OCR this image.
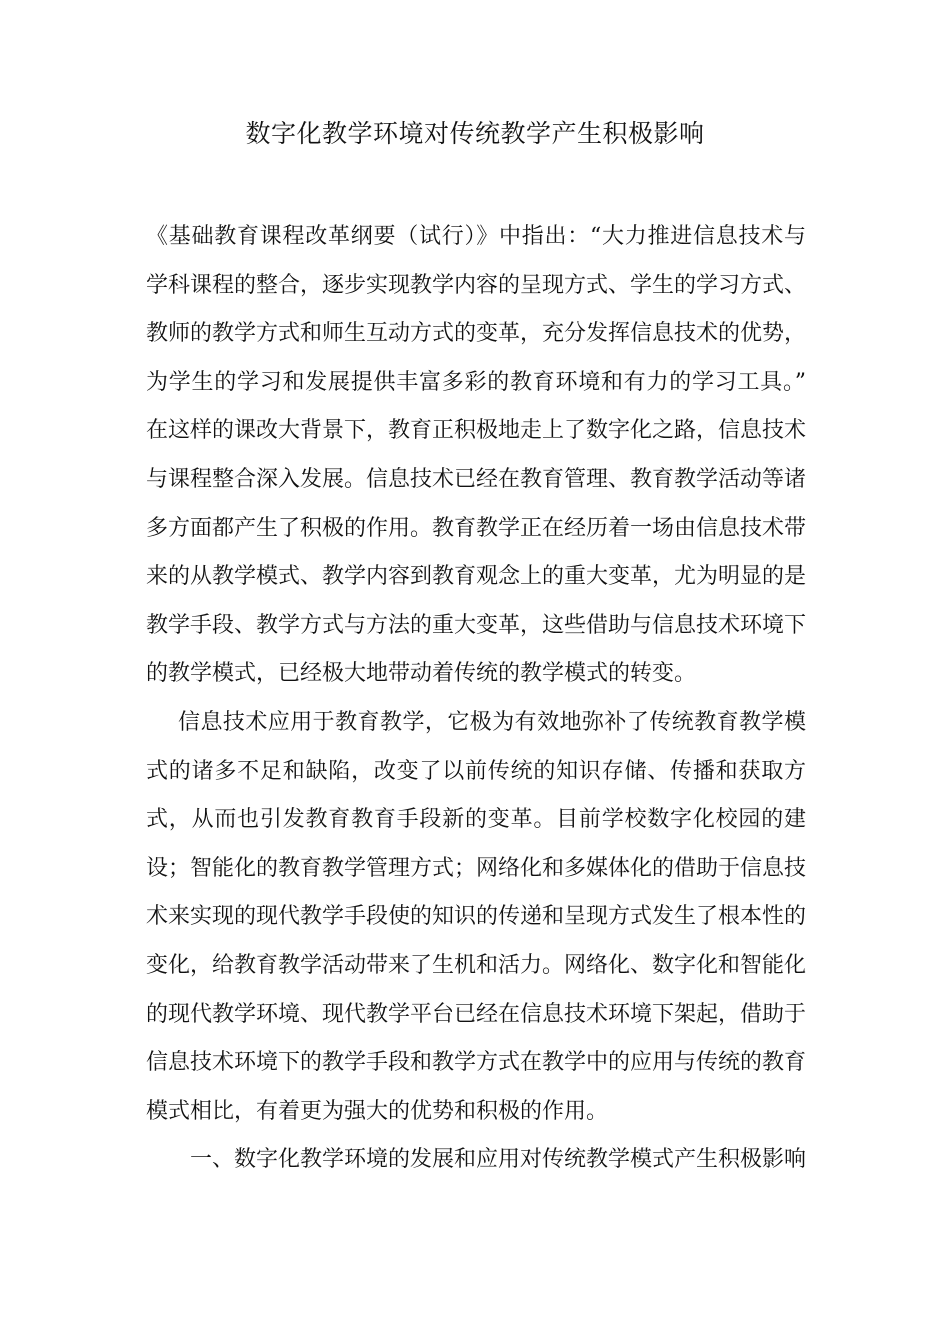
数字化教学环境对传统教学产生积极影响

《基础教育课程改革纲要（试行）》中指出：“大力推进信息技术与学科课程的整合，逐步实现教学内容的呈现方式、学生的学习方式、教师的教学方式和师生互动方式的变革，充分发挥信息技术的优势，为学生的学习和发展提供丰富多彩的教育环境和有力的学习工具。” 在这样的课改大背景下，教育正积极地走上了数字化之路，信息技术与课程整合深入发展。信息技术已经在教育管理、教育教学活动等诸多方面都产生了积极的作用。教育教学正在经历着一场由信息技术带来的从教学模式、教学内容到教育观念上的重大变革，尤为明显的是教学手段、教学方式与方法的重大变革，这些借助与信息技术环境下的教学模式，已经极大地带动着传统的教学模式的转变。

信息技术应用于教育教学，它极为有效地弥补了传统教育教学模式的诸多不足和缺陷，改变了以前传统的知识存储、传播和获取方式，从而也引发教育教育手段新的变革。目前学校数字化校园的建设；智能化的教育教学管理方式；网络化和多媒体化的借助于信息技术来实现的现代教学手段使的知识的传递和呈现方式发生了根本性的变化，给教育教学活动带来了生机和活力。网络化、数字化和智能化的现代教学环境、现代教学平台已经在信息技术环境下架起，借助于信息技术环境下的教学手段和教学方式在教学中的应用与传统的教育模式相比，有着更为强大的优势和积极的作用。

一、数字化教学环境的发展和应用对传统教学模式产生积极影响
